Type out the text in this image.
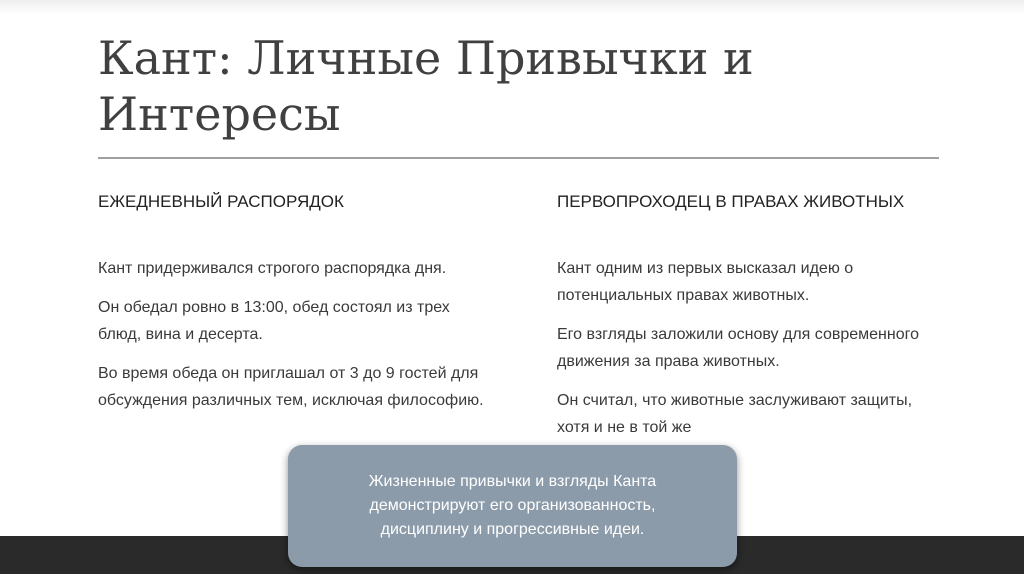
Кант: Личные Привычки и Интересы
ЕЖЕДНЕВНЫЙ РАСПОРЯДОК

Кант придерживался строгого распорядка дня.

Он обедал ровно в 13:00, обед состоял из трех блюд, вина и десерта.

Во время обеда он приглашал от 3 до 9 гостей для обсуждения различных тем, исключая философию.

ПЕРВОПРОХОДЕЦ В ПРАВАХ ЖИВОТНЫХ

Кант одним из первых высказал идею о потенциальных правах животных.

Его взгляды заложили основу для современного движения за права животных.

Он считал, что животные заслуживают защиты, хотя и не в той же

Жизненные привычки и взгляды Канта демонстрируют его организованность, дисциплину и прогрессивные идеи.
